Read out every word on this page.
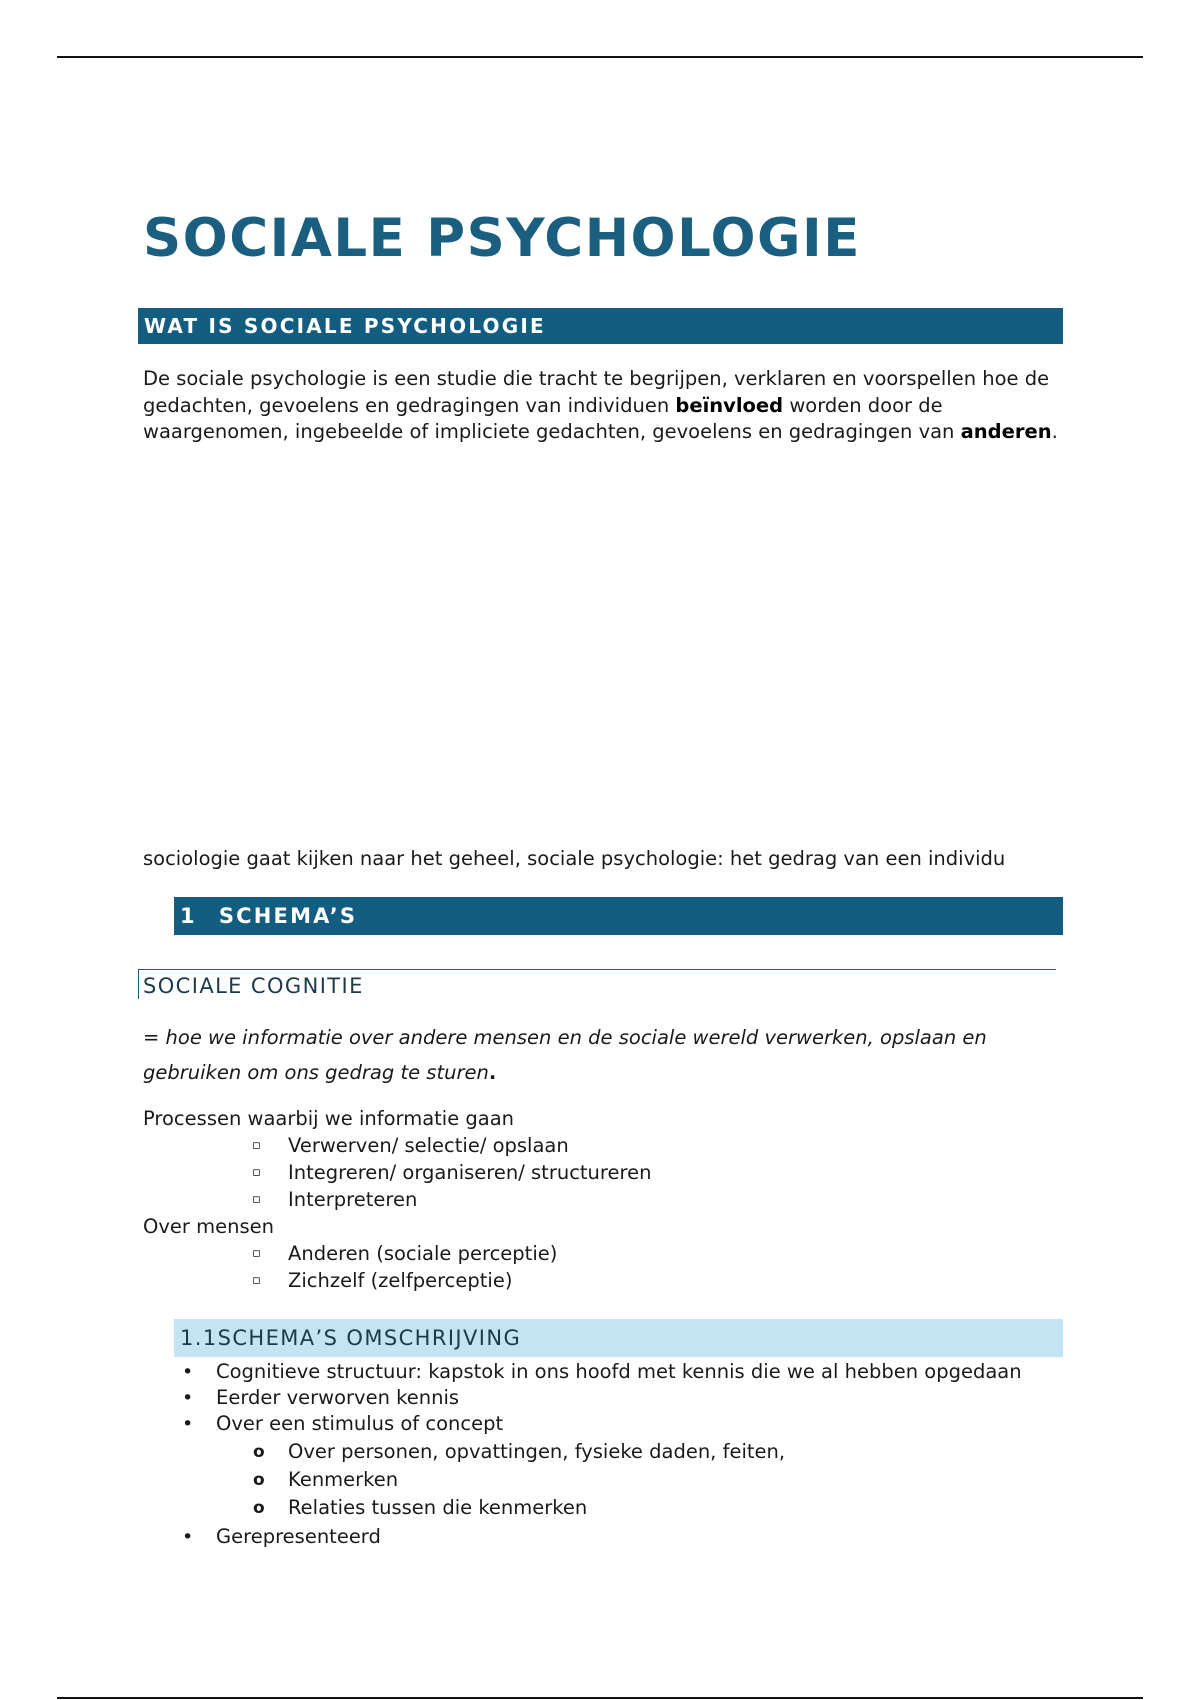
SOCIALE PSYCHOLOGIE
WAT IS SOCIALE PSYCHOLOGIE

De sociale psychologie is een studie die tracht te begrijpen, verklaren en voorspellen hoe de gedachten, gevoelens en gedragingen van individuen beïnvloed worden door de waargenomen, ingebeelde of impliciete gedachten, gevoelens en gedragingen van anderen.

sociologie gaat kijken naar het geheel, sociale psychologie: het gedrag van een individu

1 SCHEMA’S
SOCIALE COGNITIE

= hoe we informatie over andere mensen en de sociale wereld verwerken, opslaan en gebruiken om ons gedrag te sturen.

Processen waarbij we informatie gaan
▫ Verwerven/ selectie/ opslaan
▫ Integreren/ organiseren/ structureren
▫ Interpreteren
Over mensen
▫ Anderen (sociale perceptie)
▫ Zichzelf (zelfperceptie)
1.1SCHEMA’S OMSCHRIJVING
• Cognitieve structuur: kapstok in ons hoofd met kennis die we al hebben opgedaan
• Eerder verworven kennis
• Over een stimulus of concept
o Over personen, opvattingen, fysieke daden, feiten,
o Kenmerken
o Relaties tussen die kenmerken
• Gerepresenteerd
